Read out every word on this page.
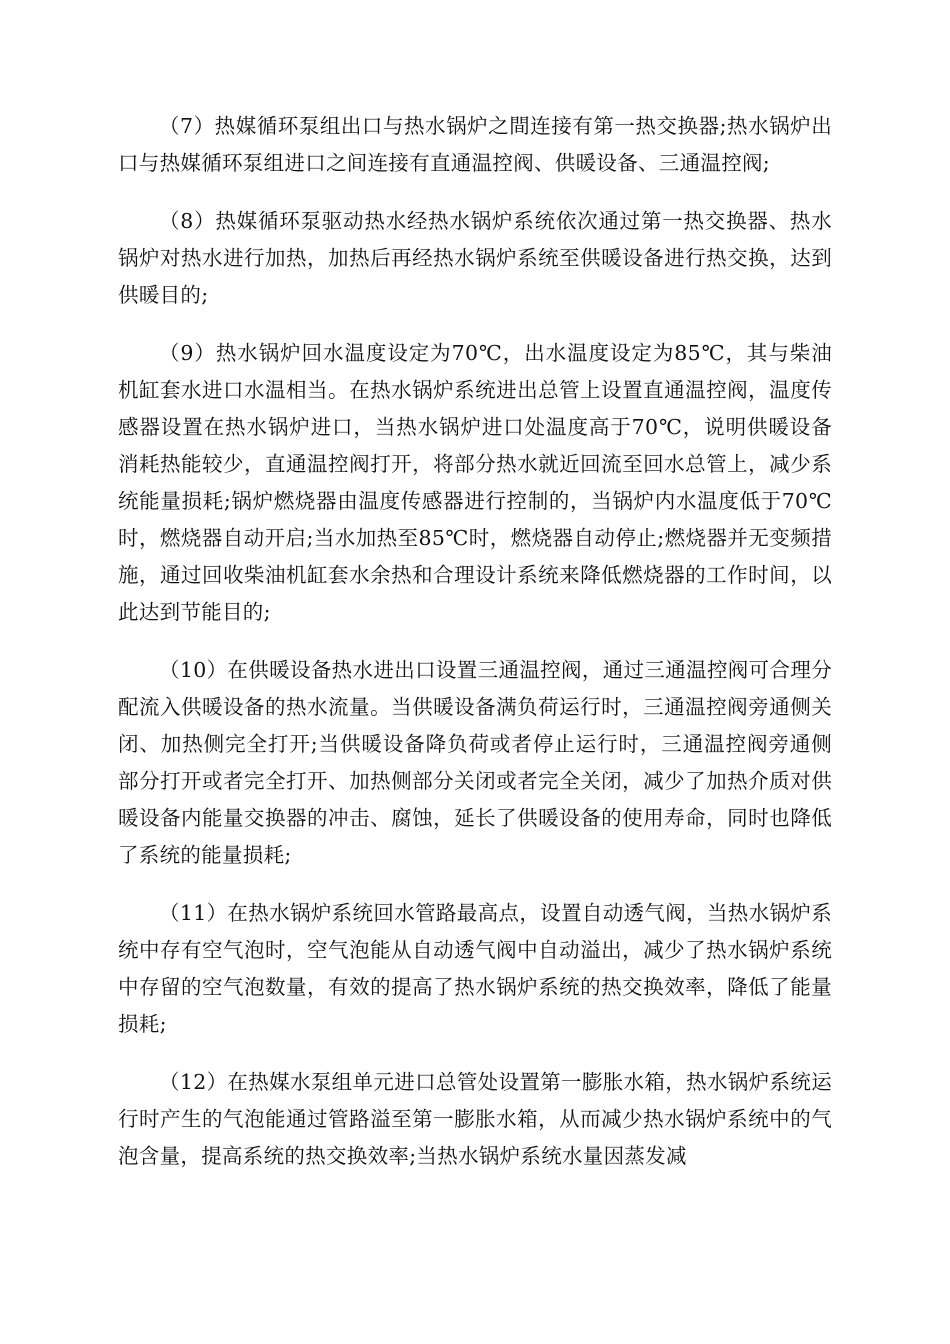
（7）热媒循环泵组出口与热水锅炉之間连接有第一热交换器;热水锅炉出口与热媒循环泵组进口之间连接有直通温控阀、供暖设备、三通温控阀;

（8）热媒循环泵驱动热水经热水锅炉系统依次通过第一热交换器、热水锅炉对热水进行加热，加热后再经热水锅炉系统至供暖设备进行热交换，达到供暖目的;

（9）热水锅炉回水温度设定为70℃，出水温度设定为85℃，其与柴油机缸套水进口水温相当。在热水锅炉系统进出总管上设置直通温控阀，温度传感器设置在热水锅炉进口，当热水锅炉进口处温度高于70℃，说明供暖设备消耗热能较少，直通温控阀打开，将部分热水就近回流至回水总管上，减少系统能量损耗;锅炉燃烧器由温度传感器进行控制的，当锅炉内水温度低于70℃时，燃烧器自动开启;当水加热至85℃时，燃烧器自动停止;燃烧器并无变频措施，通过回收柴油机缸套水余热和合理设计系统来降低燃烧器的工作时间，以此达到节能目的;

（10）在供暖设备热水进出口设置三通温控阀，通过三通温控阀可合理分配流入供暖设备的热水流量。当供暖设备满负荷运行时，三通温控阀旁通侧关闭、加热侧完全打开;当供暖设备降负荷或者停止运行时，三通温控阀旁通侧部分打开或者完全打开、加热侧部分关闭或者完全关闭，减少了加热介质对供暖设备内能量交换器的冲击、腐蚀，延长了供暖设备的使用寿命，同时也降低了系统的能量损耗;

（11）在热水锅炉系统回水管路最高点，设置自动透气阀，当热水锅炉系统中存有空气泡时，空气泡能从自动透气阀中自动溢出，减少了热水锅炉系统中存留的空气泡数量，有效的提高了热水锅炉系统的热交换效率，降低了能量损耗;

（12）在热媒水泵组单元进口总管处设置第一膨胀水箱，热水锅炉系统运行时产生的气泡能通过管路溢至第一膨胀水箱，从而减少热水锅炉系统中的气泡含量，提高系统的热交换效率;当热水锅炉系统水量因蒸发减
